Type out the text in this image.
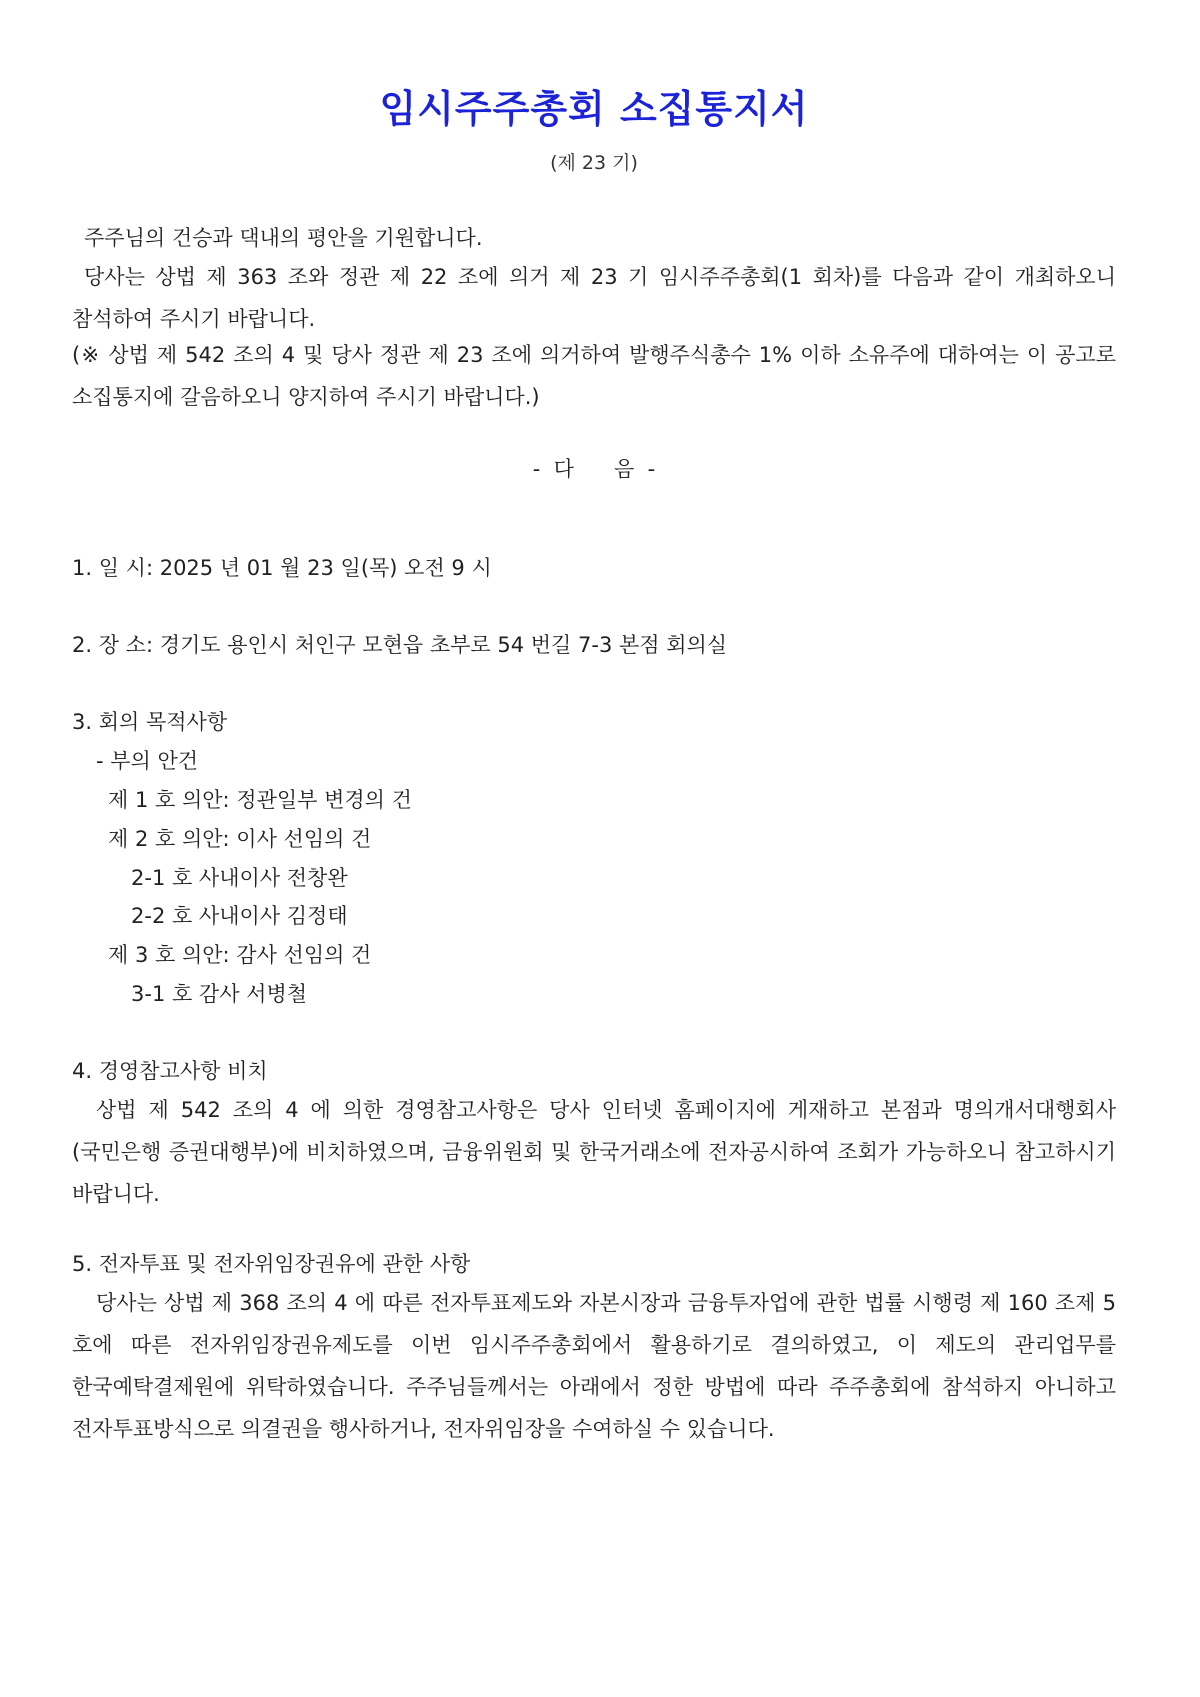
임시주주총회 소집통지서
(제 23 기)
주주님의 건승과 댁내의 평안을 기원합니다.
당사는 상법 제 363 조와 정관 제 22 조에 의거 제 23 기 임시주주총회(1 회차)를 다음과 같이 개최하오니 참석하여 주시기 바랍니다.
(※ 상법 제 542 조의 4 및 당사 정관 제 23 조에 의거하여 발행주식총수 1% 이하 소유주에 대하여는 이 공고로 소집통지에 갈음하오니 양지하여 주시기 바랍니다.)
-  다      음  -
1. 일 시: 2025 년 01 월 23 일(목) 오전 9 시
2. 장 소: 경기도 용인시 처인구 모현읍 초부로 54 번길 7-3 본점 회의실
3. 회의 목적사항
- 부의 안건
제 1 호 의안: 정관일부 변경의 건
제 2 호 의안: 이사 선임의 건
2-1 호 사내이사 전창완
2-2 호 사내이사 김정태
제 3 호 의안: 감사 선임의 건
3-1 호 감사 서병철
4. 경영참고사항 비치
상법 제 542 조의 4 에 의한 경영참고사항은 당사 인터넷 홈페이지에 게재하고 본점과 명의개서대행회사(국민은행 증권대행부)에 비치하였으며, 금융위원회 및 한국거래소에 전자공시하여 조회가 가능하오니 참고하시기 바랍니다.
5. 전자투표 및 전자위임장권유에 관한 사항
당사는 상법 제 368 조의 4 에 따른 전자투표제도와 자본시장과 금융투자업에 관한 법률 시행령 제 160 조제 5 호에 따른 전자위임장권유제도를 이번 임시주주총회에서 활용하기로 결의하였고, 이 제도의 관리업무를 한국예탁결제원에 위탁하였습니다. 주주님들께서는 아래에서 정한 방법에 따라 주주총회에 참석하지 아니하고 전자투표방식으로 의결권을 행사하거나, 전자위임장을 수여하실 수 있습니다.
